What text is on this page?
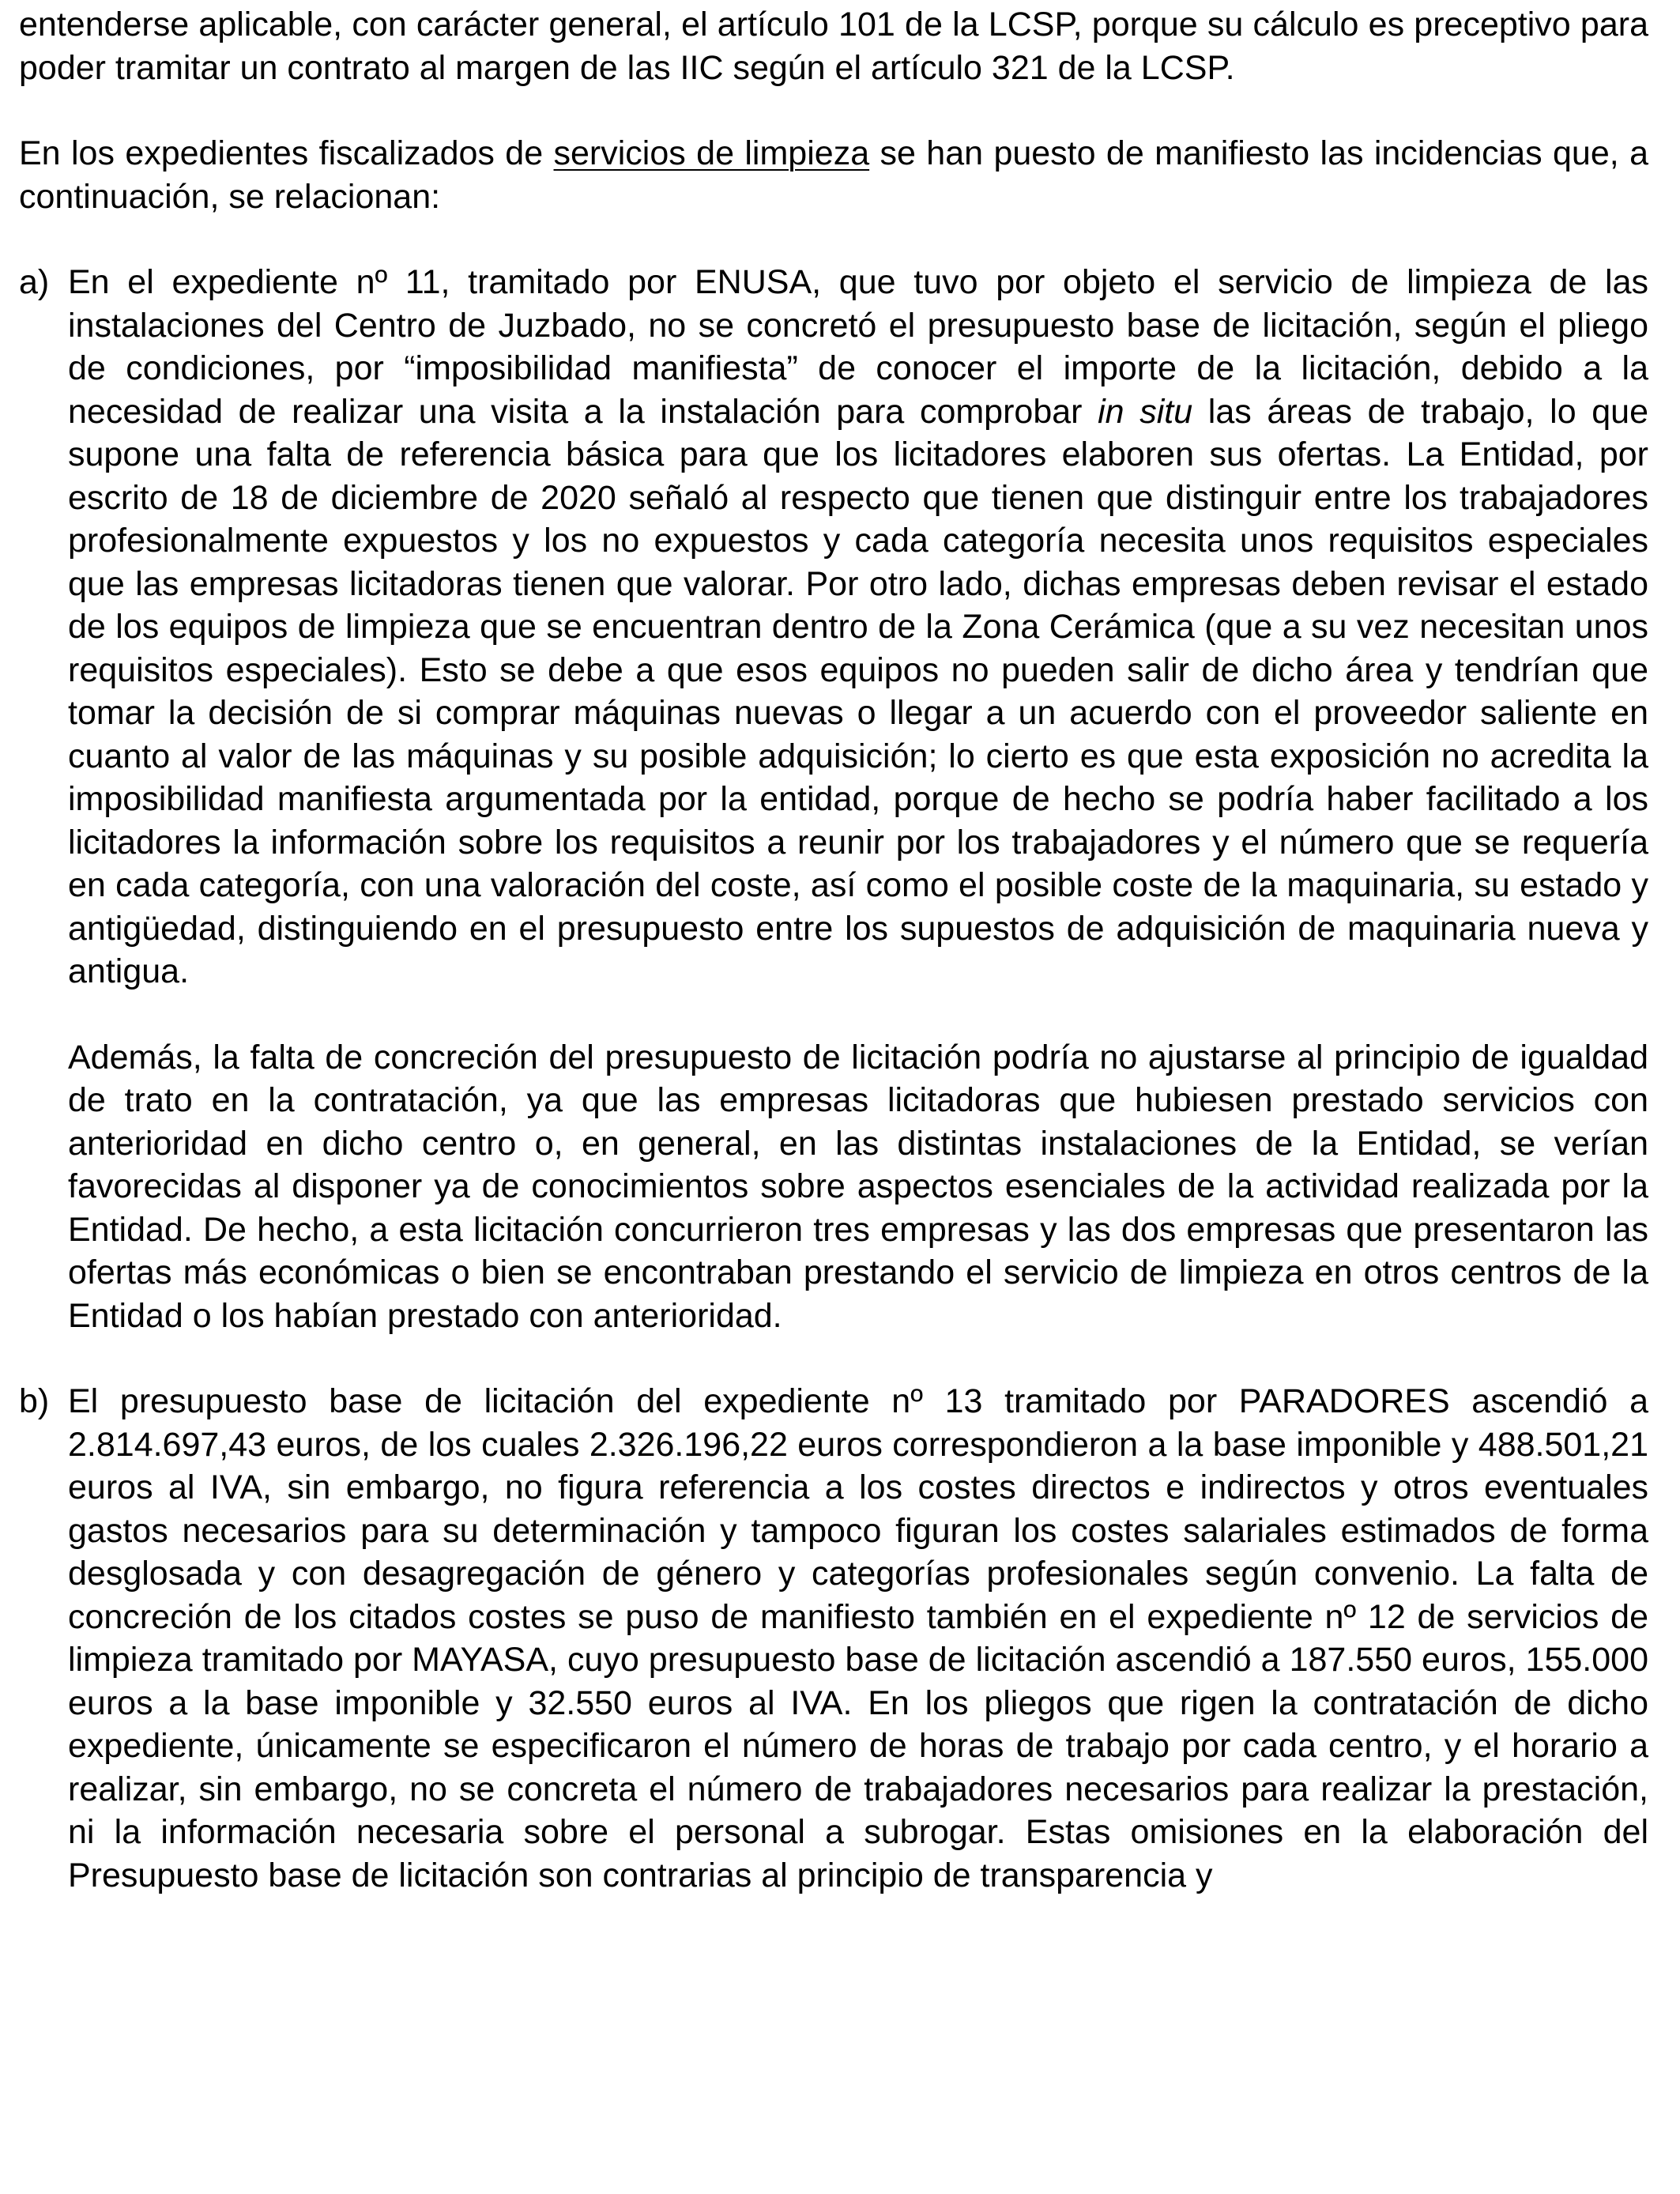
entenderse aplicable, con carácter general, el artículo 101 de la LCSP, porque su cálculo es preceptivo para poder tramitar un contrato al margen de las IIC según el artículo 321 de la LCSP.

En los expedientes fiscalizados de servicios de limpieza se han puesto de manifiesto las incidencias que, a continuación, se relacionan:

a) En el expediente nº 11, tramitado por ENUSA, que tuvo por objeto el servicio de limpieza de las instalaciones del Centro de Juzbado, no se concretó el presupuesto base de licitación, según el pliego de condiciones, por “imposibilidad manifiesta” de conocer el importe de la licitación, debido a la necesidad de realizar una visita a la instalación para comprobar in situ las áreas de trabajo, lo que supone una falta de referencia básica para que los licitadores elaboren sus ofertas. La Entidad, por escrito de 18 de diciembre de 2020 señaló al respecto que tienen que distinguir entre los trabajadores profesionalmente expuestos y los no expuestos y cada categoría necesita unos requisitos especiales que las empresas licitadoras tienen que valorar. Por otro lado, dichas empresas deben revisar el estado de los equipos de limpieza que se encuentran dentro de la Zona Cerámica (que a su vez necesitan unos requisitos especiales). Esto se debe a que esos equipos no pueden salir de dicho área y tendrían que tomar la decisión de si comprar máquinas nuevas o llegar a un acuerdo con el proveedor saliente en cuanto al valor de las máquinas y su posible adquisición; lo cierto es que esta exposición no acredita la imposibilidad manifiesta argumentada por la entidad, porque de hecho se podría haber facilitado a los licitadores la información sobre los requisitos a reunir por los trabajadores y el número que se requería en cada categoría, con una valoración del coste, así como el posible coste de la maquinaria, su estado y antigüedad, distinguiendo en el presupuesto entre los supuestos de adquisición de maquinaria nueva y antigua.

Además, la falta de concreción del presupuesto de licitación podría no ajustarse al principio de igualdad de trato en la contratación, ya que las empresas licitadoras que hubiesen prestado servicios con anterioridad en dicho centro o, en general, en las distintas instalaciones de la Entidad, se verían favorecidas al disponer ya de conocimientos sobre aspectos esenciales de la actividad realizada por la Entidad. De hecho, a esta licitación concurrieron tres empresas y las dos empresas que presentaron las ofertas más económicas o bien se encontraban prestando el servicio de limpieza en otros centros de la Entidad o los habían prestado con anterioridad.

b) El presupuesto base de licitación del expediente nº 13 tramitado por PARADORES ascendió a 2.814.697,43 euros, de los cuales 2.326.196,22 euros correspondieron a la base imponible y 488.501,21 euros al IVA, sin embargo, no figura referencia a los costes directos e indirectos y otros eventuales gastos necesarios para su determinación y tampoco figuran los costes salariales estimados de forma desglosada y con desagregación de género y categorías profesionales según convenio. La falta de concreción de los citados costes se puso de manifiesto también en el expediente nº 12 de servicios de limpieza tramitado por MAYASA, cuyo presupuesto base de licitación ascendió a 187.550 euros, 155.000 euros a la base imponible y 32.550 euros al IVA. En los pliegos que rigen la contratación de dicho expediente, únicamente se especificaron el número de horas de trabajo por cada centro, y el horario a realizar, sin embargo, no se concreta el número de trabajadores necesarios para realizar la prestación, ni la información necesaria sobre el personal a subrogar. Estas omisiones en la elaboración del Presupuesto base de licitación son contrarias al principio de transparencia y
